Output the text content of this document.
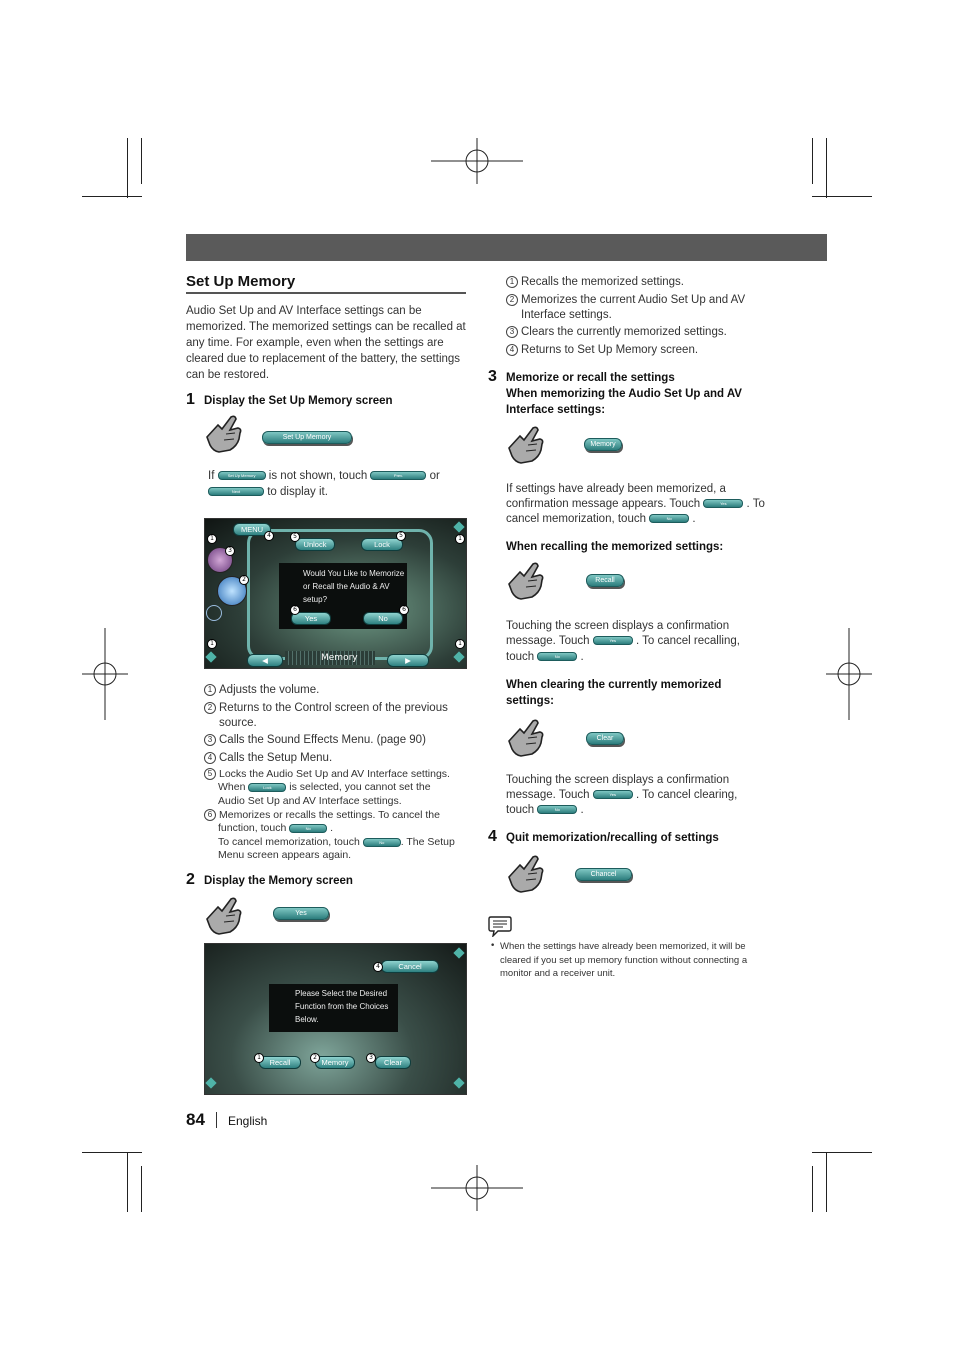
Set Up Memory
Audio Set Up and AV Interface settings can be memorized. The memorized settings can be recalled at any time. For example, even when the settings are cleared due to replacement of the battery, the settings can be restored.
1 Display the Set Up Memory screen
Set Up Memory
If	Set Up Memory is not shown, touch	Prev. or
Next to display it.
MENU
Unlock	Lock
Would You Like to Memorize or Recall the Audio & AV setup?
Yes	No
Memory
◀	▶
1	4
3
2
5	5	1
6	6
1	1
1 Adjusts the volume.
2 Returns to the Control screen of the previous
source.
3 Calls the Sound Effects Menu. (page 90)
4 Calls the Setup Menu.
5 Locks the Audio Set Up and AV Interface settings.
When	Lock is selected, you cannot set the
Audio Set Up and AV Interface settings.
6 Memorizes or recalls the settings. To cancel the
function, touch	No .
To cancel memorization, touch	No . The Setup
Menu screen appears again.
2 Display the Memory screen
Yes
Cancel
Please Select the Desired Function from the Choices Below.
Recall	Memory	Clear
4
1	2	3
84 English
1 Recalls the memorized settings.
2 Memorizes the current Audio Set Up and AV
Interface settings.
3 Clears the currently memorized settings.
4 Returns to Set Up Memory screen.
3 Memorize or recall the settings
When memorizing the Audio Set Up and AV Interface settings:
Memory
If settings have already been memorized, a
confirmation message appears. Touch	Yes . To
cancel memorization, touch	No .
When recalling the memorized settings:
Recall
Touching the screen displays a confirmation
message. Touch	Yes . To cancel recalling,
touch	No .
When clearing the currently memorized settings:
Clear
Touching the screen displays a confirmation
message. Touch	Yes . To cancel clearing,
touch	No .
4 Quit memorization/recalling of settings
Chancel
• When the settings have already been memorized, it will be cleared if you set up memory function without connecting a monitor and a receiver unit.
